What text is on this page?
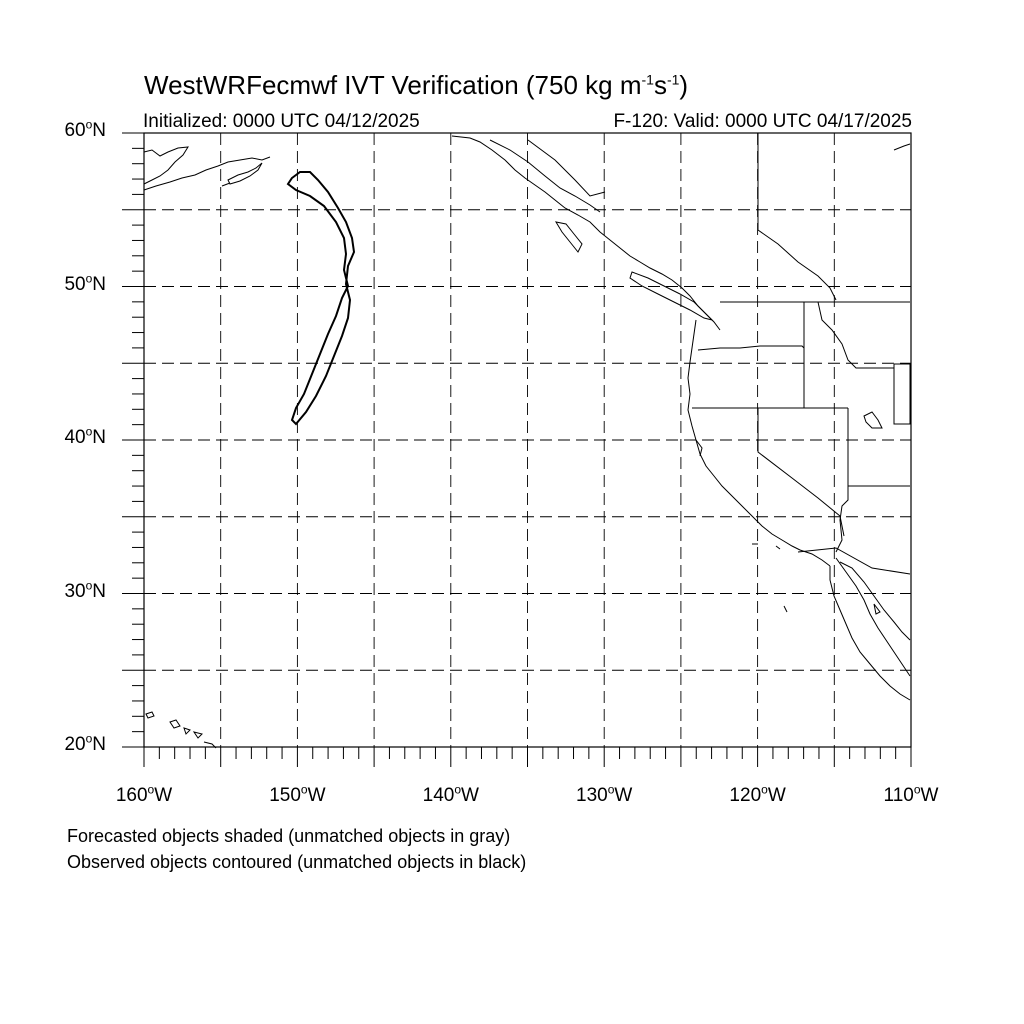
WestWRFecmwf IVT Verification (750 kg $m^{-1}s^{-1}$)
Initialized: 0000 UTC 04/12/2025	F-120: Valid: 0000 UTC 04/17/2025
60$^o$N
50$^o$N
40$^o$N
30$^o$N
20$^o$N
160$^o$W	150$^o$W	140$^o$W	130$^o$W	120$^o$W	110$^o$W
Forecasted objects shaded (unmatched objects in gray)
Observed objects contoured (unmatched objects in black)
